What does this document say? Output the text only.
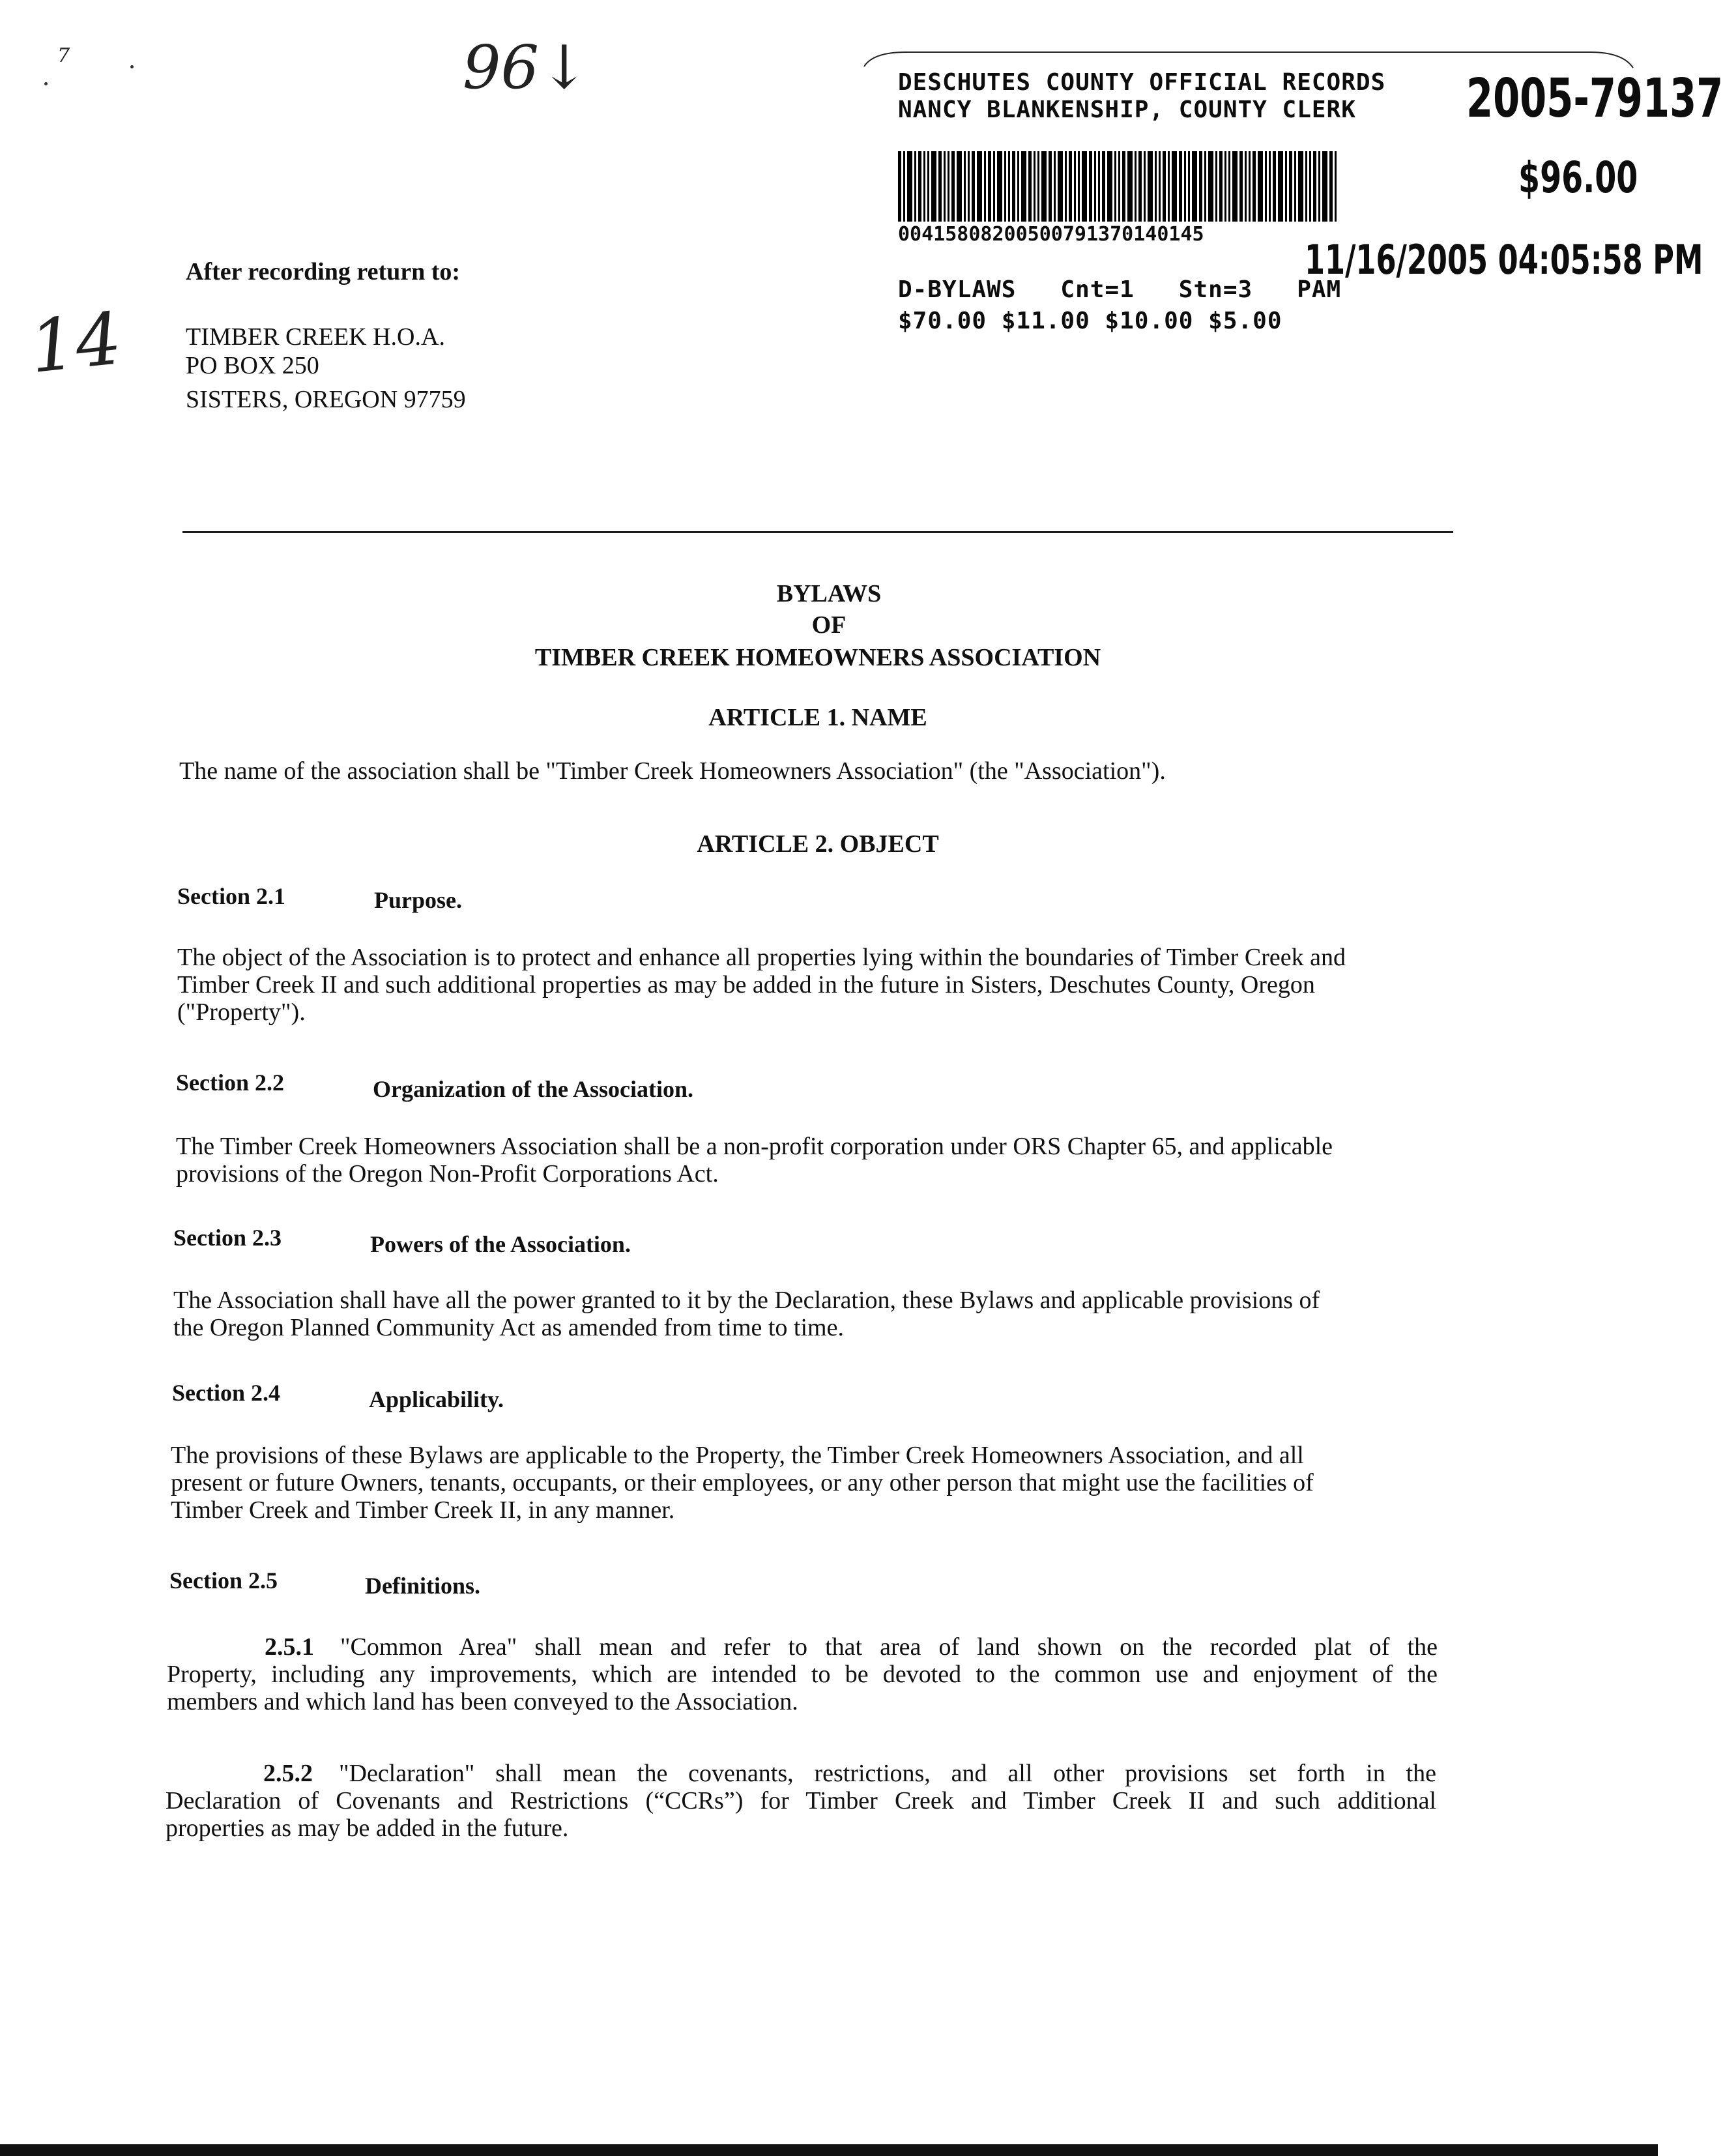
96↓
14
7
DESCHUTES COUNTY OFFICIAL RECORDS
NANCY BLANKENSHIP, COUNTY CLERK 2005-79137
$96.00
00415808200500791370140145
11/16/2005 04:05:58 PM
D-BYLAWS   Cnt=1   Stn=3   PAM
$70.00 $11.00 $10.00 $5.00
After recording return to:
TIMBER CREEK H.O.A.
PO BOX 250
SISTERS, OREGON 97759
BYLAWS
OF
TIMBER CREEK HOMEOWNERS ASSOCIATION
ARTICLE 1. NAME
The name of the association shall be "Timber Creek Homeowners Association" (the "Association").
ARTICLE 2. OBJECT
Section 2.1	Purpose.
The object of the Association is to protect and enhance all properties lying within the boundaries of Timber Creek and
Timber Creek II and such additional properties as may be added in the future in Sisters, Deschutes County, Oregon
("Property").
Section 2.2	Organization of the Association.
The Timber Creek Homeowners Association shall be a non-profit corporation under ORS Chapter 65, and applicable
provisions of the Oregon Non-Profit Corporations Act.
Section 2.3	Powers of the Association.
The Association shall have all the power granted to it by the Declaration, these Bylaws and applicable provisions of
the Oregon Planned Community Act as amended from time to time.
Section 2.4	Applicability.
The provisions of these Bylaws are applicable to the Property, the Timber Creek Homeowners Association, and all
present or future Owners, tenants, occupants, or their employees, or any other person that might use the facilities of
Timber Creek and Timber Creek II, in any manner.
Section 2.5	Definitions.
2.5.1 "Common Area" shall mean and refer to that area of land shown on the recorded plat of the
Property, including any improvements, which are intended to be devoted to the common use and enjoyment of the
members and which land has been conveyed to the Association.
2.5.2 "Declaration" shall mean the covenants, restrictions, and all other provisions set forth in the
Declaration of Covenants and Restrictions (“CCRs”) for Timber Creek and Timber Creek II and such additional
properties as may be added in the future.
